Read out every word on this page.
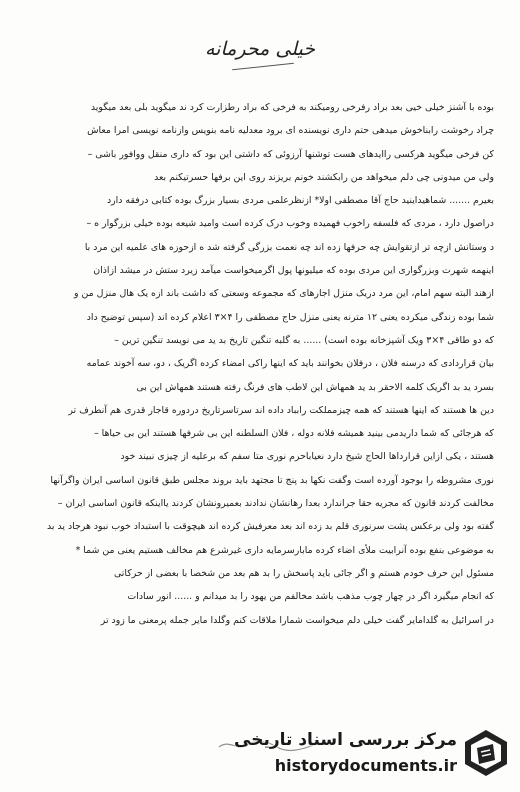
خیلی محرمانه
بوده با آشنز خیلی خیی بعد براد رفرخی رومیکند به فرخی که براد رطزارت کرد ند میگوید بلی بعد میگوید
چراد رخوشت رابناخوش میدهی حتم داری نویسنده ای برود معدلیه نامه بنویس وازنامه نویسی امرا معاش
کن فرخی میگوید هرکسی راایدهای هست توشنها آرزوئی که داشتی این بود که داری منقل ووافور باشی –
ولی من میدونی چی دلم میخواهد من رابکشند خونم بریزند روی این برفها حسرتیکنم بعد
بعیرم ....... شماهیداینید حاج آقا مصطفی اولا* ازنظرعلمی مردی بسیار بزرگ بوده کتابی درفقه دارد
دراصول دارد ، مردی که فلسفه راخوب فهمیده وخوب درک کرده است وامید شیعه بوده خیلی بزرگوار ه –
د وستانش ازچه تر ازتقوایش چه حرفها زده اند چه نعمت بزرگی گرفته شد ه ازحوزه های علمیه این مرد با
اینهمه شهرت وبزرگواری این مردی بوده که میلیونها پول اگرمیخواست میآمد زیرد ستش در میشد ازاذان
ازهند البته سهم امام، این مرد دریک منزل اجارهای که مجموعه وسعتی که داشت باند ازه یک هال منزل من و
شما بوده زندگی میکرده یعنی ۱۲ مترنه یعنی منزل حاج مصطفی را ۴×۳ اعلام کرده اند (سپس توضیح داد
که دو طاقی ۴×۳ ویک آشپزخانه بوده است) ...... به گلبه تنگین تاریخ بد ید می نویسد تنگین ترین –
بیان قراردادی که درسنه فلان ، درفلان بخوانند باید که اینها راکی امضاء کرده اگریک ، دو، سه آخوند عمامه
بسرد ید بد اگریک کلمه الاحقر بد ید همهاش این لاطب های فرنگ رفته هستند همهاش این بی
دین ها هستند که اینها هستند که همه چیزمملکت رابباد داده اند سرتاسرتاریخ دردوره قاجار قدری هم آنطرف تر
که هرجائی که شما داریدمی بینید همیشه فلانه دوله ، فلان السلطنه این بی شرفها هستند این بی حیاها –
هستند ، یکی ازاین قرارداها الحاج شیخ دارد نعیاباحرم نوری متا سفم که برعلیه از چیزی نبیند خود
نوری مشروطه را بوجود آورده است وگفت نکها بد پنج تا مجتهد باید بروند مجلس طبق قانون اساسی ایران واگرآنها
مخالفت کردند قانون که مجریه حقا جراندارد بعدا رهانشان ندادند بعمیرونشان کردند یااینکه قانون اساسی ایران –
گفته بود ولی برعکس پشت سرنوری قلم بد زده اند بعد معرفیش کرده اند هیچوقت با استبداد خوب نبود هرجاد ید بد
به موضوعی بنفع بوده آنرابیت ملأی اضاء کرده مابارسرمایه داری غیرشرع هم مخالف هستیم یعنی من شما *
مسئول این حرف خودم هستم و اگر جائی باید پاسخش را بد هم بعد من شخصا با بعضی از حرکاتی
که انجام میگیرد اگر در چهار چوب مذهب باشد مخالفم من یهود را بد میدانم و ...... انور سادات
در اسرائیل به گلدامایر گفت خیلی دلم میخواست شمارا ملاقات کنم وگلدا مایر جمله پرمعنی ما زود تر
مرکز بررسی اسناد تاریخی
historydocuments.ir
